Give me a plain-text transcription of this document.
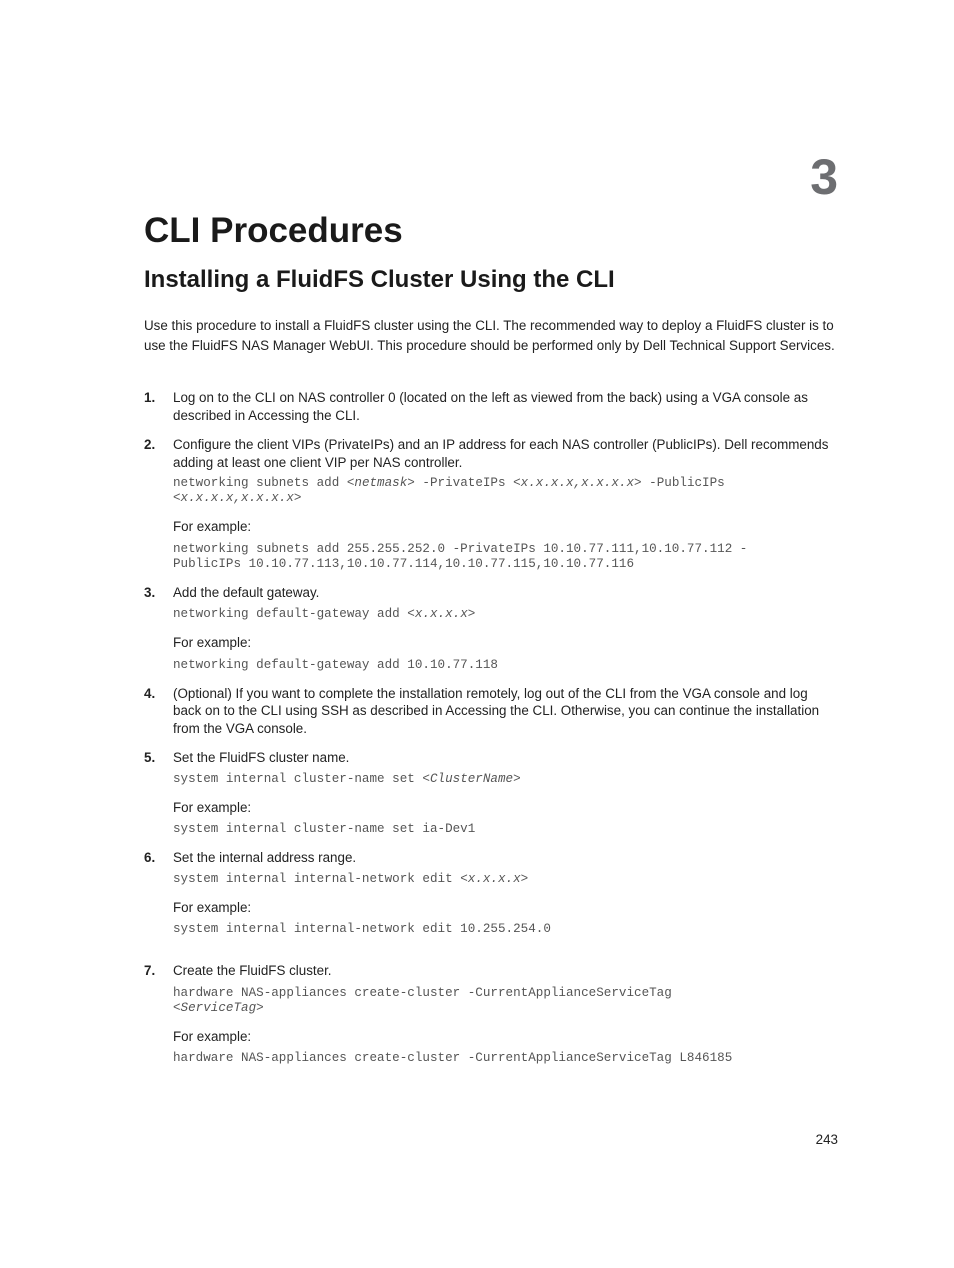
3
CLI Procedures
Installing a FluidFS Cluster Using the CLI

Use this procedure to install a FluidFS cluster using the CLI. The recommended way to deploy a FluidFS cluster is to use the FluidFS NAS Manager WebUI. This procedure should be performed only by Dell Technical Support Services.

1. Log on to the CLI on NAS controller 0 (located on the left as viewed from the back) using a VGA console as described in Accessing the CLI.

2. Configure the client VIPs (PrivateIPs) and an IP address for each NAS controller (PublicIPs). Dell recommends adding at least one client VIP per NAS controller.

networking subnets add <netmask> -PrivateIPs <x.x.x.x,x.x.x.x> -PublicIPs
<x.x.x.x,x.x.x.x>

For example:

networking subnets add 255.255.252.0 -PrivateIPs 10.10.77.111,10.10.77.112 -
PublicIPs 10.10.77.113,10.10.77.114,10.10.77.115,10.10.77.116
3. Add the default gateway.

networking default-gateway add <x.x.x.x>

For example:

networking default-gateway add 10.10.77.118
4. (Optional) If you want to complete the installation remotely, log out of the CLI from the VGA console and log back on to the CLI using SSH as described in Accessing the CLI. Otherwise, you can continue the installation from the VGA console.

5. Set the FluidFS cluster name.

system internal cluster-name set <ClusterName>

For example:

system internal cluster-name set ia-Dev1
6. Set the internal address range.

system internal internal-network edit <x.x.x.x>

For example:

system internal internal-network edit 10.255.254.0
7. Create the FluidFS cluster.

hardware NAS-appliances create-cluster -CurrentApplianceServiceTag
<ServiceTag>

For example:

hardware NAS-appliances create-cluster -CurrentApplianceServiceTag L846185
243
